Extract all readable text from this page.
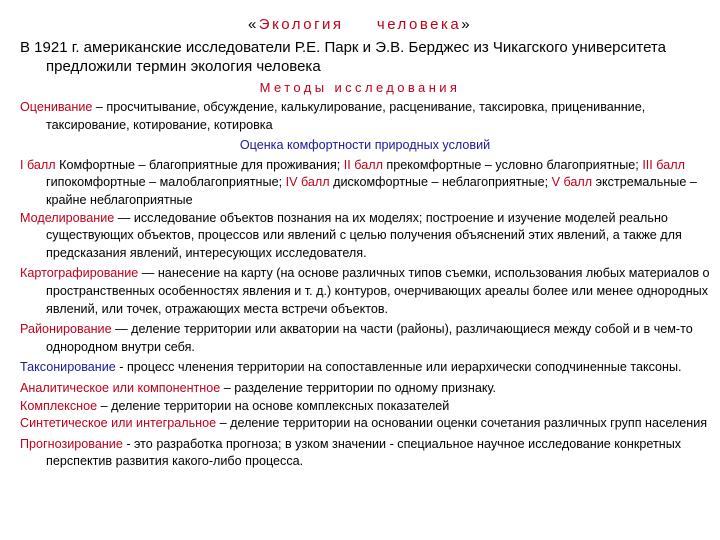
«Экология человека»
В 1921 г. американские исследователи Р.Е. Парк и Э.В. Берджес из Чикагского университета предложили термин экология человека
Методы исследования
Оценивание – просчитывание, обсуждение, калькулирование, расценивание, таксировка, прицениванние, таксирование, котирование, котировка
Оценка комфортности природных условий
I балл Комфортные – благоприятные для проживания; II балл прекомфортные – условно благоприятные; III балл гипокомфортные – малоблагоприятные; IV балл дискомфортные – неблагоприятные; V балл экстремальные – крайне неблагоприятные
Моделирование — исследование объектов познания на их моделях; построение и изучение моделей реально существующих объектов, процессов или явлений с целью получения объяснений этих явлений, а также для предсказания явлений, интересующих исследователя.
Картографирование — нанесение на карту (на основе различных типов съемки, использования любых материалов о пространственных особенностях явления и т. д.) контуров, очерчивающих ареалы более или менее однородных явлений, или точек, отражающих места встречи объектов.
Районирование — деление территории или акватории на части (районы), различающиеся между собой и в чем-то однородном внутри себя.
Таксонирование - процесс членения территории на сопоставленные или иерархически соподчиненные таксоны.
Аналитическое или компонентное – разделение территории по одному признаку.
Комплексное – деление территории на основе комплексных показателей
Синтетическое или интегральное – деление территории на основании оценки сочетания различных групп населения
Прогнозирование - это разработка прогноза; в узком значении - специальное научное исследование конкретных перспектив развития какого-либо процесса.
